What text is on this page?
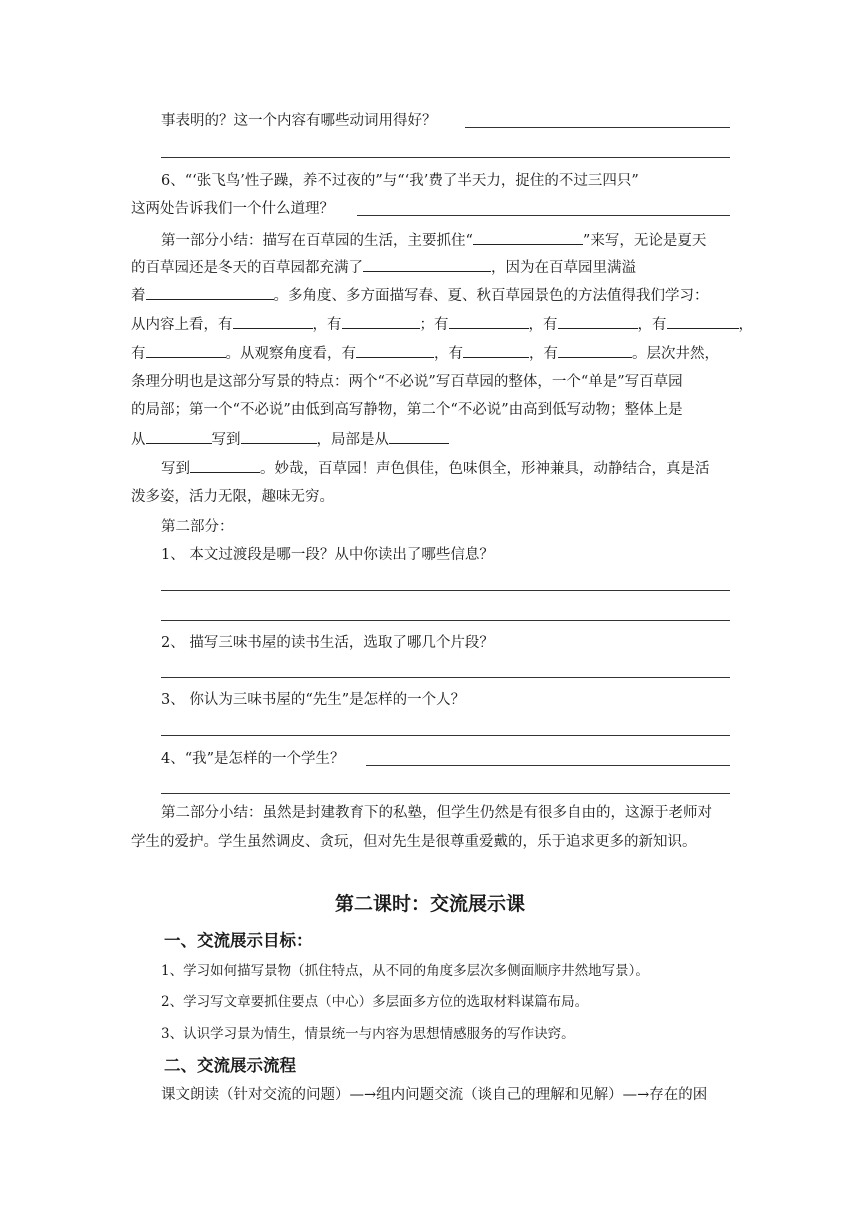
事表明的？这一个内容有哪些动词用得好？
6、“‘张飞鸟’性子躁，养不过夜的”与“‘我’费了半天力，捉住的不过三四只”
这两处告诉我们一个什么道理？
第一部分小结：描写在百草园的生活，主要抓住“	”来写，无论是夏天
的百草园还是冬天的百草园都充满了	，因为在百草园里满溢
着	。多角度、多方面描写春、夏、秋百草园景色的方法值得我们学习：
从内容上看，有	，有	；有	，有	，有	，
有	。从观察角度看，有	，有	，有	。层次井然，
条理分明也是这部分写景的特点：两个“不必说”写百草园的整体，一个“单是”写百草园
的局部；第一个“不必说”由低到高写静物，第二个“不必说”由高到低写动物；整体上是
从	写到	，局部是从
写到	。妙哉，百草园！声色俱佳，色味俱全，形神兼具，动静结合，真是活
泼多姿，活力无限，趣味无穷。
第二部分：
1、 本文过渡段是哪一段？从中你读出了哪些信息？
2、 描写三味书屋的读书生活，选取了哪几个片段？
3、 你认为三味书屋的“先生”是怎样的一个人？
4、“我”是怎样的一个学生？
第二部分小结：虽然是封建教育下的私塾，但学生仍然是有很多自由的，这源于老师对
学生的爱护。学生虽然调皮、贪玩，但对先生是很尊重爱戴的，乐于追求更多的新知识。
第二课时：交流展示课
一、交流展示目标：
1、学习如何描写景物（抓住特点，从不同的角度多层次多侧面顺序井然地写景）。
2、学习写文章要抓住要点（中心）多层面多方位的选取材料谋篇布局。
3、认识学习景为情生，情景统一与内容为思想情感服务的写作诀窍。
二、交流展示流程
课文朗读（针对交流的问题）—→组内问题交流（谈自己的理解和见解）—→存在的困
